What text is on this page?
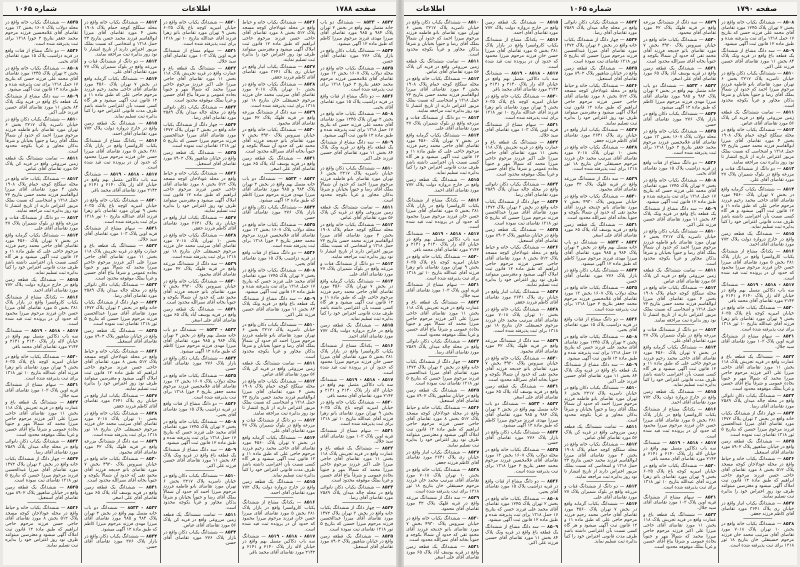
شماره ۱۰۶۵	اطلاعات	صفحه ۱۷۸۸

۸۵۳۲ - ۸۵۳۳ — ششدانگ دو باب خانه متصل بهم واقع در بخش ۲ تهران پلاک ۹۸۴ و ۹۸۵ مورد تقاضای آقای میرزا مهدی فرزند مرحوم میرزا کاظم که طبق ماده ۱۲ آگهی میشود.

۸۵۳۴ — ششدانگ یکباب دکان واقع در بازار پلاک ۲۷۶ مورد تقاضای آقای حسن.

۸۵۳۵ — ششدانگ یکباب خانه واقع در محله دولاب پلاک ۱۶۰۷ بخش ۱۳ مورد تقاضای آقای غلامحسین فرزند مرحوم محمد جعفر بتاریخ ۲ جوزا ۱۳۱۸ برای ثبت پذیرفته شده است.

۸۵۳۶ — دو دانگ مشاع از قنات واقع در قریه دزاشیب پلاک ۱۵ مورد تقاضای آقای یحیی.

۸۵۰۸ — ششدانگ یکباب خانه واقع در بخش ۲ تهران پلاک ۱۲۴۵ مورد تقاضای آقای محمد علی فرزند حسن که بتاریخ ۱۷ حمل ۱۳۱۸ برای ثبت پذیرفته شده و طبق ماده ۱۲ قانون ثبت آگهی میشود.

۸۵۰۹ — سه دانگ مشاع از ششدانگ یک قطعه باغ واقع در قریه ونک پلاک ۸۴ بخش ۱۱ مورد تقاضای آقای حسین فرزند علی اکبر.

۸۵۱۰ — ششدانگ یکباب دکان واقع در خیابان ناصریه پلاک ۳۲۱۷ بخش ۶ تهران مورد تقاضای بانو فاطمه فرزند مرحوم میرزا احمد که حدود آن شمالاً بملک آقای رضا و جنوباً بخیابان و شرقاً بدکان مجاور و غرباً بکوچه محدود است.

۸۵۱۱ — تمامت ششدانگ یک قطعه زمین مزروعی واقع در قریه کن پلاک ۵۶ مورد تقاضای آقای عباس.

۸۵۱۲ — ششدانگ یکباب خانه واقع در محله سنگلج کوچه حمام پلاک ۱۹۰۸ بخش ۴ مورد تقاضای آقای میرزا ابوالقاسم فرزند محمد حسن بتاریخ ۲۲ حمل ۱۳۱۸ و اشخاصی که نسبت بملک مزبور اعتراض دارند از تاریخ انتشار تا نود روز بدایره ثبت مراجعه نمایند.

۸۵۱۳ — دو دانگ از ششدانگ قنات و مزرعه واقع در بلوک شمیران پلاک ۲۷ مورد تقاضای آقای علی.

۸۵۱۴ — ششدانگ یکباب گرمابه واقع در بخش ۷ تهران پلاک ۴۵۶۰ مورد تقاضای آقای حاجی محمد رحیم فرزند مرحوم حاجی علی که طبق ماده ۱۱ و ۱۲ قانون ثبت آگهی میشود و هر گاه کسی نسبت بآن اعتراضی داشته باشد ظرف مدت قانونی اعتراض خود را کتباً بدایره ثبت تسلیم نماید.

۸۵۱۵ — ششدانگ یک قطعه زمین واقع در خارج دروازه دولت پلاک ۷۷۲ مورد تقاضای آقای احمد.

۸۵۱۶ — یکدانگ مشاع از ششدانگ یکباب کاروانسرا واقع در بازار پلاک ۳۸۱ بخش ۵ مورد تقاضای آقای میرزا حسن خان فرزند مرحوم میرزا محمود که حدود آن در پرونده ثبت قید شده است.

۸۵۱۷ - ۸۵۱۸ - ۸۵۱۹ — ششدانگ سه باب دکاکین متصل بهم واقع در خیابان لاله زار پلاک ۲۱۴۰ و ۲۱۴۱ و ۲۱۴۲ مورد تقاضای آقای محمد باقر.

۸۵۲۰ — ششدانگ یکباب خانه واقع در خیابان امیریه کوچه باغ پلاک ۶۰۳۵ بخش ۹ تهران مورد تقاضای بانو زهرا فرزند آقای عبدالله بتاریخ ۱۰ ثور ۱۳۱۸ برای ثبت پذیرفته شده است.

۸۵۲۱ — سهام مشاع از ششدانگ قریه اوین پلاک ۱۰۳ مورد تقاضای آقای سید جلال.

۸۵۲۲ — ششدانگ یک قطعه باغ و عمارت واقع در قریه تجریش پلاک ۱۱۸ بخش ۱۱ مورد تقاضای آقای حاجی میرزا علی اکبر فرزند مرحوم حاجی میرزا محمد که شمالاً بنهر و جنوباً بجاده عمومی و شرقاً بباغ آقای حسین و غرباً بملک موقوفه محدود است.

۸۵۲۳ — ششدانگ یکباب دکان نانوائی واقع در محله چاله میدان پلاک ۲۵۸۹ مورد تقاضای آقای رضا.

۸۵۲۴ — چهار دانگ از ششدانگ یکباب خانه واقع در بخش ۳ تهران پلاک ۱۴۷۲ مورد تقاضای آقای میرزا عبدالحسین فرزند مرحوم میرزا حسین که بتاریخ ۵ ثور ۱۳۱۸ تقاضای ثبت نموده است.

۸۵۲۵ — ششدانگ یک قطعه زمین واقع در خیابان شاهپور پلاک ۸۹۰۲ مورد تقاضای آقای اسمعیل.

۸۵۲۶ — ششدانگ یکباب خانه و حیاط واقع در محله عودلاجان کوچه مسجد پلاک ۵۱۲ بخش ۸ مورد تقاضای آقای حاجی حسن فرزند مرحوم حاجی ابراهیم که طبق ماده ۱۲ قانون ثبت املاک آگهی میشود و معترضین میتوانند ظرف نود روز اعتراض خود را بدایره ثبت تسلیم نمایند.

۸۵۲۷ — ششدانگ یکباب انبار واقع در خیابان ری پلاک ۳۶۴۱ مورد تقاضای آقای کاظم فرزند جعفر.

۸۵۲۸ — ششدانگ یکباب خانه واقع در بخش ۱۰ تهران پلاک ۷۰۱۸ مورد تقاضای آقای سرتیپ محمد خان فرزند مرحوم حسینقلی خان بتاریخ ۱۸ ثور ۱۳۱۸ برای ثبت پذیرفته شده است.

۸۵۲۹ — سه دانگ از ششدانگ مزرعه واقع در قریه قلهک پلاک ۴۲ مورد تقاضای آقای محمود.

۸۵۳۰ — ششدانگ یکباب خانه واقع در خیابان سیروس پلاک ۴۹۳۰ بخش ۷ مورد تقاضای بانو خدیجه فرزند آقای محمد تقی که حدود آن شمالاً بکوچه و جنوباً بخانه آقای نصرالله محدود است.

۸۵۳۱ — ششدانگ یک قطعه زمین واقع در قریه یوسف آباد پلاک ۶۵ مورد تقاضای آقای علی اصغر.

۸۵۳۲ - ۸۵۳۳ — ششدانگ دو باب خانه متصل بهم واقع در بخش ۲ تهران پلاک ۹۸۴ و ۹۸۵ مورد تقاضای آقای میرزا مهدی فرزند مرحوم میرزا کاظم که طبق ماده ۱۲ آگهی میشود.

۸۵۳۴ — ششدانگ یکباب دکان واقع در بازار پلاک ۲۷۶ مورد تقاضای آقای حسن.

۸۵۳۵ — ششدانگ یکباب خانه واقع در محله دولاب پلاک ۱۶۰۷ بخش ۱۳ مورد تقاضای آقای غلامحسین فرزند مرحوم محمد جعفر بتاریخ ۲ جوزا ۱۳۱۸ برای ثبت پذیرفته شده است.

۸۵۳۶ — دو دانگ مشاع از قنات واقع در قریه دزاشیب پلاک ۱۵ مورد تقاضای آقای یحیی.

۸۵۰۸ — ششدانگ یکباب خانه واقع در بخش ۲ تهران پلاک ۱۲۴۵ مورد تقاضای آقای محمد علی فرزند حسن که بتاریخ ۱۷ حمل ۱۳۱۸ برای ثبت پذیرفته شده و طبق ماده ۱۲ قانون ثبت آگهی میشود.

۸۵۰۹ — سه دانگ مشاع از ششدانگ یک قطعه باغ واقع در قریه ونک پلاک ۸۴ بخش ۱۱ مورد تقاضای آقای حسین فرزند علی اکبر.

۸۵۱۰ — ششدانگ یکباب دکان واقع در خیابان ناصریه پلاک ۳۲۱۷ بخش ۶ تهران مورد تقاضای بانو فاطمه فرزند مرحوم میرزا احمد که حدود آن شمالاً بملک آقای رضا و جنوباً بخیابان و شرقاً بدکان مجاور و غرباً بکوچه محدود است.

۸۵۱۱ — تمامت ششدانگ یک قطعه زمین مزروعی واقع در قریه کن پلاک ۵۶ مورد تقاضای آقای عباس.

۸۵۱۲ — ششدانگ یکباب خانه واقع در محله سنگلج کوچه حمام پلاک ۱۹۰۸ بخش ۴ مورد تقاضای آقای میرزا ابوالقاسم فرزند محمد حسن بتاریخ ۲۲ حمل ۱۳۱۸ و اشخاصی که نسبت بملک مزبور اعتراض دارند از تاریخ انتشار تا نود روز بدایره ثبت مراجعه نمایند.

۸۵۱۳ — دو دانگ از ششدانگ قنات و مزرعه واقع در بلوک شمیران پلاک ۲۷ مورد تقاضای آقای علی.

۸۵۱۴ — ششدانگ یکباب گرمابه واقع در بخش ۷ تهران پلاک ۴۵۶۰ مورد تقاضای آقای حاجی محمد رحیم فرزند مرحوم حاجی علی که طبق ماده ۱۱ و ۱۲ قانون ثبت آگهی میشود و هر گاه کسی نسبت بآن اعتراضی داشته باشد ظرف مدت قانونی اعتراض خود را کتباً بدایره ثبت تسلیم نماید.

۸۵۱۵ — ششدانگ یک قطعه زمین واقع در خارج دروازه دولت پلاک ۷۷۲ مورد تقاضای آقای احمد.

۸۵۱۶ — یکدانگ مشاع از ششدانگ یکباب کاروانسرا واقع در بازار پلاک ۳۸۱ بخش ۵ مورد تقاضای آقای میرزا حسن خان فرزند مرحوم میرزا محمود که حدود آن در پرونده ثبت قید شده است.

۸۵۱۷ - ۸۵۱۸ - ۸۵۱۹ — ششدانگ سه باب دکاکین متصل بهم واقع در خیابان لاله زار پلاک ۲۱۴۰ و ۲۱۴۱ و ۲۱۴۲ مورد تقاضای آقای محمد باقر.

۸۵۲۰ — ششدانگ یکباب خانه واقع در خیابان امیریه کوچه باغ پلاک ۶۰۳۵ بخش ۹ تهران مورد تقاضای بانو زهرا فرزند آقای عبدالله بتاریخ ۱۰ ثور ۱۳۱۸ برای ثبت پذیرفته شده است.

۸۵۲۱ — سهام مشاع از ششدانگ قریه اوین پلاک ۱۰۳ مورد تقاضای آقای سید جلال.

۸۵۲۲ — ششدانگ یک قطعه باغ و عمارت واقع در قریه تجریش پلاک ۱۱۸ بخش ۱۱ مورد تقاضای آقای حاجی میرزا علی اکبر فرزند مرحوم حاجی میرزا محمد که شمالاً بنهر و جنوباً بجاده عمومی و شرقاً بباغ آقای حسین و غرباً بملک موقوفه محدود است.

۸۵۲۳ — ششدانگ یکباب دکان نانوائی واقع در محله چاله میدان پلاک ۲۵۸۹ مورد تقاضای آقای رضا.

۸۵۲۴ — چهار دانگ از ششدانگ یکباب خانه واقع در بخش ۳ تهران پلاک ۱۴۷۲ مورد تقاضای آقای میرزا عبدالحسین فرزند مرحوم میرزا حسین که بتاریخ ۵ ثور ۱۳۱۸ تقاضای ثبت نموده است.

۸۵۲۵ — ششدانگ یک قطعه زمین واقع در خیابان شاهپور پلاک ۸۹۰۲ مورد تقاضای آقای اسمعیل.

۸۵۲۶ — ششدانگ یکباب خانه و حیاط واقع در محله عودلاجان کوچه مسجد پلاک ۵۱۲ بخش ۸ مورد تقاضای آقای حاجی حسن فرزند مرحوم حاجی ابراهیم که طبق ماده ۱۲ قانون ثبت املاک آگهی میشود و معترضین میتوانند ظرف نود روز اعتراض خود را بدایره ثبت تسلیم نمایند.

۸۵۲۷ — ششدانگ یکباب انبار واقع در خیابان ری پلاک ۳۶۴۱ مورد تقاضای آقای کاظم فرزند جعفر.

۸۵۲۸ — ششدانگ یکباب خانه واقع در بخش ۱۰ تهران پلاک ۷۰۱۸ مورد تقاضای آقای سرتیپ محمد خان فرزند مرحوم حسینقلی خان بتاریخ ۱۸ ثور ۱۳۱۸ برای ثبت پذیرفته شده است.

۸۵۲۹ — سه دانگ از ششدانگ مزرعه واقع در قریه قلهک پلاک ۴۲ مورد تقاضای آقای محمود.

۸۵۳۰ — ششدانگ یکباب خانه واقع در خیابان سیروس پلاک ۴۹۳۰ بخش ۷ مورد تقاضای بانو خدیجه فرزند آقای محمد تقی که حدود آن شمالاً بکوچه و جنوباً بخانه آقای نصرالله محدود است.

۸۵۳۱ — ششدانگ یک قطعه زمین واقع در قریه یوسف آباد پلاک ۶۵ مورد تقاضای آقای علی اصغر.

۸۵۳۲ - ۸۵۳۳ — ششدانگ دو باب خانه متصل بهم واقع در بخش ۲ تهران پلاک ۹۸۴ و ۹۸۵ مورد تقاضای آقای میرزا مهدی فرزند مرحوم میرزا کاظم که طبق ماده ۱۲ آگهی میشود.

۸۵۳۴ — ششدانگ یکباب دکان واقع در بازار پلاک ۲۷۶ مورد تقاضای آقای حسن.

۸۵۳۵ — ششدانگ یکباب خانه واقع در محله دولاب پلاک ۱۶۰۷ بخش ۱۳ مورد تقاضای آقای غلامحسین فرزند مرحوم محمد جعفر بتاریخ ۲ جوزا ۱۳۱۸ برای ثبت پذیرفته شده است.

۸۵۳۶ — دو دانگ مشاع از قنات واقع در قریه دزاشیب پلاک ۱۵ مورد تقاضای آقای یحیی.

۸۵۰۸ — ششدانگ یکباب خانه واقع در بخش ۲ تهران پلاک ۱۲۴۵ مورد تقاضای آقای محمد علی فرزند حسن که بتاریخ ۱۷ حمل ۱۳۱۸ برای ثبت پذیرفته شده و طبق ماده ۱۲ قانون ثبت آگهی میشود.

۸۵۰۹ — سه دانگ مشاع از ششدانگ یک قطعه باغ واقع در قریه ونک پلاک ۸۴ بخش ۱۱ مورد تقاضای آقای حسین فرزند علی اکبر.

۸۵۱۰ — ششدانگ یکباب دکان واقع در خیابان ناصریه پلاک ۳۲۱۷ بخش ۶ تهران مورد تقاضای بانو فاطمه فرزند مرحوم میرزا احمد که حدود آن شمالاً بملک آقای رضا و جنوباً بخیابان و شرقاً بدکان مجاور و غرباً بکوچه محدود است.

۸۵۱۱ — تمامت ششدانگ یک قطعه زمین مزروعی واقع در قریه کن پلاک ۵۶ مورد تقاضای آقای عباس.

۸۵۳۴ — ششدانگ یکباب دکان واقع در بازار پلاک ۲۷۶ مورد تقاضای آقای حسن.

۸۵۱۲ — ششدانگ یکباب خانه واقع در محله سنگلج کوچه حمام پلاک ۱۹۰۸ بخش ۴ مورد تقاضای آقای میرزا ابوالقاسم فرزند محمد حسن بتاریخ ۲۲ حمل ۱۳۱۸ و اشخاصی که نسبت بملک مزبور اعتراض دارند از تاریخ انتشار تا نود روز بدایره ثبت مراجعه نمایند.

۸۵۱۳ — دو دانگ از ششدانگ قنات و مزرعه واقع در بلوک شمیران پلاک ۲۷ مورد تقاضای آقای علی.

۸۵۱۴ — ششدانگ یکباب گرمابه واقع در بخش ۷ تهران پلاک ۴۵۶۰ مورد تقاضای آقای حاجی محمد رحیم فرزند مرحوم حاجی علی که طبق ماده ۱۱ و ۱۲ قانون ثبت آگهی میشود و هر گاه کسی نسبت بآن اعتراضی داشته باشد ظرف مدت قانونی اعتراض خود را کتباً بدایره ثبت تسلیم نماید.

۸۵۱۵ — ششدانگ یک قطعه زمین واقع در خارج دروازه دولت پلاک ۷۷۲ مورد تقاضای آقای احمد.

۸۵۱۶ — یکدانگ مشاع از ششدانگ یکباب کاروانسرا واقع در بازار پلاک ۳۸۱ بخش ۵ مورد تقاضای آقای میرزا حسن خان فرزند مرحوم میرزا محمود که حدود آن در پرونده ثبت قید شده است.

۸۵۱۷ - ۸۵۱۸ - ۸۵۱۹ — ششدانگ سه باب دکاکین متصل بهم واقع در خیابان لاله زار پلاک ۲۱۴۰ و ۲۱۴۱ و ۲۱۴۲ مورد تقاضای آقای محمد باقر.

۸۵۲۰ — ششدانگ یکباب خانه واقع در خیابان امیریه کوچه باغ پلاک ۶۰۳۵ بخش ۹ تهران مورد تقاضای بانو زهرا فرزند آقای عبدالله بتاریخ ۱۰ ثور ۱۳۱۸ برای ثبت پذیرفته شده است.

۸۵۲۱ — سهام مشاع از ششدانگ قریه اوین پلاک ۱۰۳ مورد تقاضای آقای سید جلال.

۸۵۲۲ — ششدانگ یک قطعه باغ و عمارت واقع در قریه تجریش پلاک ۱۱۸ بخش ۱۱ مورد تقاضای آقای حاجی میرزا علی اکبر فرزند مرحوم حاجی میرزا محمد که شمالاً بنهر و جنوباً بجاده عمومی و شرقاً بباغ آقای حسین و غرباً بملک موقوفه محدود است.

۸۵۲۳ — ششدانگ یکباب دکان نانوائی واقع در محله چاله میدان پلاک ۲۵۸۹ مورد تقاضای آقای رضا.

۸۵۲۴ — چهار دانگ از ششدانگ یکباب خانه واقع در بخش ۳ تهران پلاک ۱۴۷۲ مورد تقاضای آقای میرزا عبدالحسین فرزند مرحوم میرزا حسین که بتاریخ ۵ ثور ۱۳۱۸ تقاضای ثبت نموده است.

۸۵۲۵ — ششدانگ یک قطعه زمین واقع در خیابان شاهپور پلاک ۸۹۰۲ مورد تقاضای آقای اسمعیل.

۸۵۲۶ — ششدانگ یکباب خانه و حیاط واقع در محله عودلاجان کوچه مسجد پلاک ۵۱۲ بخش ۸ مورد تقاضای آقای حاجی حسن فرزند مرحوم حاجی ابراهیم که طبق ماده ۱۲ قانون ثبت املاک آگهی میشود و معترضین میتوانند ظرف نود روز اعتراض خود را بدایره ثبت تسلیم نمایند.

۸۵۲۷ — ششدانگ یکباب انبار واقع در خیابان ری پلاک ۳۶۴۱ مورد تقاضای آقای کاظم فرزند جعفر.

۸۵۲۸ — ششدانگ یکباب خانه واقع در بخش ۱۰ تهران پلاک ۷۰۱۸ مورد تقاضای آقای سرتیپ محمد خان فرزند مرحوم حسینقلی خان بتاریخ ۱۸ ثور ۱۳۱۸ برای ثبت پذیرفته شده است.

۸۵۲۹ — سه دانگ از ششدانگ مزرعه واقع در قریه قلهک پلاک ۴۲ مورد تقاضای آقای محمود.

۸۵۳۰ — ششدانگ یکباب خانه واقع در خیابان سیروس پلاک ۴۹۳۰ بخش ۷ مورد تقاضای بانو خدیجه فرزند آقای محمد تقی که حدود آن شمالاً بکوچه و جنوباً بخانه آقای نصرالله محدود است.

۸۵۳۱ — ششدانگ یک قطعه زمین واقع در قریه یوسف آباد پلاک ۶۵ مورد تقاضای آقای علی اصغر.

۸۵۳۲ - ۸۵۳۳ — ششدانگ دو باب خانه متصل بهم واقع در بخش ۲ تهران پلاک ۹۸۴ و ۹۸۵ مورد تقاضای آقای میرزا مهدی فرزند مرحوم میرزا کاظم که طبق ماده ۱۲ آگهی میشود.

۸۵۳۴ — ششدانگ یکباب دکان واقع در بازار پلاک ۲۷۶ مورد تقاضای آقای حسن.

۸۵۳۵ — ششدانگ یکباب خانه واقع در محله دولاب پلاک ۱۶۰۷ بخش ۱۳ مورد تقاضای آقای غلامحسین فرزند مرحوم محمد جعفر بتاریخ ۲ جوزا ۱۳۱۸ برای ثبت پذیرفته شده است.

۸۵۳۶ — دو دانگ مشاع از قنات واقع در قریه دزاشیب پلاک ۱۵ مورد تقاضای آقای یحیی.

۸۵۰۸ — ششدانگ یکباب خانه واقع در بخش ۲ تهران پلاک ۱۲۴۵ مورد تقاضای آقای محمد علی فرزند حسن که بتاریخ ۱۷ حمل ۱۳۱۸ برای ثبت پذیرفته شده و طبق ماده ۱۲ قانون ثبت آگهی میشود.

۸۵۰۹ — سه دانگ مشاع از ششدانگ یک قطعه باغ واقع در قریه ونک پلاک ۸۴ بخش ۱۱ مورد تقاضای آقای حسین فرزند علی اکبر.

۸۵۱۰ — ششدانگ یکباب دکان واقع در خیابان ناصریه پلاک ۳۲۱۷ بخش ۶ تهران مورد تقاضای بانو فاطمه فرزند مرحوم میرزا احمد که حدود آن شمالاً بملک آقای رضا و جنوباً بخیابان و شرقاً بدکان مجاور و غرباً بکوچه محدود است.

۸۵۱۱ — تمامت ششدانگ یک قطعه زمین مزروعی واقع در قریه کن پلاک ۵۶ مورد تقاضای آقای عباس.

۸۵۱۲ — ششدانگ یکباب خانه واقع در محله سنگلج کوچه حمام پلاک ۱۹۰۸ بخش ۴ مورد تقاضای آقای میرزا ابوالقاسم فرزند محمد حسن بتاریخ ۲۲ حمل ۱۳۱۸ و اشخاصی که نسبت بملک مزبور اعتراض دارند از تاریخ انتشار تا نود روز بدایره ثبت مراجعه نمایند.

۸۵۱۳ — دو دانگ از ششدانگ قنات و مزرعه واقع در بلوک شمیران پلاک ۲۷ مورد تقاضای آقای علی.

۸۵۱۴ — ششدانگ یکباب گرمابه واقع در بخش ۷ تهران پلاک ۴۵۶۰ مورد تقاضای آقای حاجی محمد رحیم فرزند مرحوم حاجی علی که طبق ماده ۱۱ و ۱۲ قانون ثبت آگهی میشود و هر گاه کسی نسبت بآن اعتراضی داشته باشد ظرف مدت قانونی اعتراض خود را کتباً بدایره ثبت تسلیم نماید.

۸۵۱۵ — ششدانگ یک قطعه زمین واقع در خارج دروازه دولت پلاک ۷۷۲ مورد تقاضای آقای احمد.

۸۵۱۶ — یکدانگ مشاع از ششدانگ یکباب کاروانسرا واقع در بازار پلاک ۳۸۱ بخش ۵ مورد تقاضای آقای میرزا حسن خان فرزند مرحوم میرزا محمود که حدود آن در پرونده ثبت قید شده است.

۸۵۱۷ - ۸۵۱۸ - ۸۵۱۹ — ششدانگ سه باب دکاکین متصل بهم واقع در خیابان لاله زار پلاک ۲۱۴۰ و ۲۱۴۱ و ۲۱۴۲ مورد تقاضای آقای محمد باقر.

۸۵۲۰ — ششدانگ یکباب خانه واقع در خیابان امیریه کوچه باغ پلاک ۶۰۳۵ بخش ۹ تهران مورد تقاضای بانو زهرا فرزند آقای عبدالله بتاریخ ۱۰ ثور ۱۳۱۸ برای ثبت پذیرفته شده است.

۸۵۲۱ — سهام مشاع از ششدانگ قریه اوین پلاک ۱۰۳ مورد تقاضای آقای سید جلال.

۸۵۲۲ — ششدانگ یک قطعه باغ و عمارت واقع در قریه تجریش پلاک ۱۱۸ بخش ۱۱ مورد تقاضای آقای حاجی میرزا علی اکبر فرزند مرحوم حاجی میرزا محمد که شمالاً بنهر و جنوباً بجاده عمومی و شرقاً بباغ آقای حسین و غرباً بملک موقوفه محدود است.

۸۵۲۳ — ششدانگ یکباب دکان نانوائی واقع در محله چاله میدان پلاک ۲۵۸۹ مورد تقاضای آقای رضا.

۸۵۲۴ — چهار دانگ از ششدانگ یکباب خانه واقع در بخش ۳ تهران پلاک ۱۴۷۲ مورد تقاضای آقای میرزا عبدالحسین فرزند مرحوم میرزا حسین که بتاریخ ۵ ثور ۱۳۱۸ تقاضای ثبت نموده است.

۸۵۲۵ — ششدانگ یک قطعه زمین واقع در خیابان شاهپور پلاک ۸۹۰۲ مورد تقاضای آقای اسمعیل.

۸۵۲۶ — ششدانگ یکباب خانه و حیاط واقع در محله عودلاجان کوچه مسجد پلاک ۵۱۲ بخش ۸ مورد تقاضای آقای حاجی حسن فرزند مرحوم حاجی ابراهیم که طبق ماده ۱۲ قانون ثبت املاک آگهی میشود و معترضین میتوانند ظرف نود روز اعتراض خود را بدایره ثبت تسلیم نمایند.

اطلاعات	شماره ۱۰۶۵	صفحه ۱۷۹۰

۸۵۰۸ — ششدانگ یکباب خانه واقع در بخش ۲ تهران پلاک ۱۲۴۵ مورد تقاضای آقای محمد علی فرزند حسن که بتاریخ ۱۷ حمل ۱۳۱۸ برای ثبت پذیرفته شده و طبق ماده ۱۲ قانون ثبت آگهی میشود.

۸۵۰۹ — سه دانگ مشاع از ششدانگ یک قطعه باغ واقع در قریه ونک پلاک ۸۴ بخش ۱۱ مورد تقاضای آقای حسین فرزند علی اکبر.

۸۵۱۰ — ششدانگ یکباب دکان واقع در خیابان ناصریه پلاک ۳۲۱۷ بخش ۶ تهران مورد تقاضای بانو فاطمه فرزند مرحوم میرزا احمد که حدود آن شمالاً بملک آقای رضا و جنوباً بخیابان و شرقاً بدکان مجاور و غرباً بکوچه محدود است.

۸۵۱۱ — تمامت ششدانگ یک قطعه زمین مزروعی واقع در قریه کن پلاک ۵۶ مورد تقاضای آقای عباس.

۸۵۱۲ — ششدانگ یکباب خانه واقع در محله سنگلج کوچه حمام پلاک ۱۹۰۸ بخش ۴ مورد تقاضای آقای میرزا ابوالقاسم فرزند محمد حسن بتاریخ ۲۲ حمل ۱۳۱۸ و اشخاصی که نسبت بملک مزبور اعتراض دارند از تاریخ انتشار تا نود روز بدایره ثبت مراجعه نمایند.

۸۵۱۳ — دو دانگ از ششدانگ قنات و مزرعه واقع در بلوک شمیران پلاک ۲۷ مورد تقاضای آقای علی.

۸۵۱۴ — ششدانگ یکباب گرمابه واقع در بخش ۷ تهران پلاک ۴۵۶۰ مورد تقاضای آقای حاجی محمد رحیم فرزند مرحوم حاجی علی که طبق ماده ۱۱ و ۱۲ قانون ثبت آگهی میشود و هر گاه کسی نسبت بآن اعتراضی داشته باشد ظرف مدت قانونی اعتراض خود را کتباً بدایره ثبت تسلیم نماید.

۸۵۱۵ — ششدانگ یک قطعه زمین واقع در خارج دروازه دولت پلاک ۷۷۲ مورد تقاضای آقای احمد.

۸۵۱۶ — یکدانگ مشاع از ششدانگ یکباب کاروانسرا واقع در بازار پلاک ۳۸۱ بخش ۵ مورد تقاضای آقای میرزا حسن خان فرزند مرحوم میرزا محمود که حدود آن در پرونده ثبت قید شده است.

۸۵۱۷ - ۸۵۱۸ - ۸۵۱۹ — ششدانگ سه باب دکاکین متصل بهم واقع در خیابان لاله زار پلاک ۲۱۴۰ و ۲۱۴۱ و ۲۱۴۲ مورد تقاضای آقای محمد باقر.

۸۵۲۰ — ششدانگ یکباب خانه واقع در خیابان امیریه کوچه باغ پلاک ۶۰۳۵ بخش ۹ تهران مورد تقاضای بانو زهرا فرزند آقای عبدالله بتاریخ ۱۰ ثور ۱۳۱۸ برای ثبت پذیرفته شده است.

۸۵۲۱ — سهام مشاع از ششدانگ قریه اوین پلاک ۱۰۳ مورد تقاضای آقای سید جلال.

۸۵۲۲ — ششدانگ یک قطعه باغ و عمارت واقع در قریه تجریش پلاک ۱۱۸ بخش ۱۱ مورد تقاضای آقای حاجی میرزا علی اکبر فرزند مرحوم حاجی میرزا محمد که شمالاً بنهر و جنوباً بجاده عمومی و شرقاً بباغ آقای حسین و غرباً بملک موقوفه محدود است.

۸۵۲۳ — ششدانگ یکباب دکان نانوائی واقع در محله چاله میدان پلاک ۲۵۸۹ مورد تقاضای آقای رضا.

۸۵۲۴ — چهار دانگ از ششدانگ یکباب خانه واقع در بخش ۳ تهران پلاک ۱۴۷۲ مورد تقاضای آقای میرزا عبدالحسین فرزند مرحوم میرزا حسین که بتاریخ ۵ ثور ۱۳۱۸ تقاضای ثبت نموده است.

۸۵۲۵ — ششدانگ یک قطعه زمین واقع در خیابان شاهپور پلاک ۸۹۰۲ مورد تقاضای آقای اسمعیل.

۸۵۲۶ — ششدانگ یکباب خانه و حیاط واقع در محله عودلاجان کوچه مسجد پلاک ۵۱۲ بخش ۸ مورد تقاضای آقای حاجی حسن فرزند مرحوم حاجی ابراهیم که طبق ماده ۱۲ قانون ثبت املاک آگهی میشود و معترضین میتوانند ظرف نود روز اعتراض خود را بدایره ثبت تسلیم نمایند.

۸۵۲۷ — ششدانگ یکباب انبار واقع در خیابان ری پلاک ۳۶۴۱ مورد تقاضای آقای کاظم فرزند جعفر.

۸۵۲۸ — ششدانگ یکباب خانه واقع در بخش ۱۰ تهران پلاک ۷۰۱۸ مورد تقاضای آقای سرتیپ محمد خان فرزند مرحوم حسینقلی خان بتاریخ ۱۸ ثور ۱۳۱۸ برای ثبت پذیرفته شده است.

۸۵۲۹ — سه دانگ از ششدانگ مزرعه واقع در قریه قلهک پلاک ۴۲ مورد تقاضای آقای محمود.

۸۵۳۰ — ششدانگ یکباب خانه واقع در خیابان سیروس پلاک ۴۹۳۰ بخش ۷ مورد تقاضای بانو خدیجه فرزند آقای محمد تقی که حدود آن شمالاً بکوچه و جنوباً بخانه آقای نصرالله محدود است.

۸۵۳۱ — ششدانگ یک قطعه زمین واقع در قریه یوسف آباد پلاک ۶۵ مورد تقاضای آقای علی اصغر.

۸۵۳۲ - ۸۵۳۳ — ششدانگ دو باب خانه متصل بهم واقع در بخش ۲ تهران پلاک ۹۸۴ و ۹۸۵ مورد تقاضای آقای میرزا مهدی فرزند مرحوم میرزا کاظم که طبق ماده ۱۲ آگهی میشود.

۸۵۳۴ — ششدانگ یکباب دکان واقع در بازار پلاک ۲۷۶ مورد تقاضای آقای حسن.

۸۵۳۵ — ششدانگ یکباب خانه واقع در محله دولاب پلاک ۱۶۰۷ بخش ۱۳ مورد تقاضای آقای غلامحسین فرزند مرحوم محمد جعفر بتاریخ ۲ جوزا ۱۳۱۸ برای ثبت پذیرفته شده است.

۸۵۳۶ — دو دانگ مشاع از قنات واقع در قریه دزاشیب پلاک ۱۵ مورد تقاضای آقای یحیی.

۸۵۰۸ — ششدانگ یکباب خانه واقع در بخش ۲ تهران پلاک ۱۲۴۵ مورد تقاضای آقای محمد علی فرزند حسن که بتاریخ ۱۷ حمل ۱۳۱۸ برای ثبت پذیرفته شده و طبق ماده ۱۲ قانون ثبت آگهی میشود.

۸۵۰۹ — سه دانگ مشاع از ششدانگ یک قطعه باغ واقع در قریه ونک پلاک ۸۴ بخش ۱۱ مورد تقاضای آقای حسین فرزند علی اکبر.

۸۵۱۰ — ششدانگ یکباب دکان واقع در خیابان ناصریه پلاک ۳۲۱۷ بخش ۶ تهران مورد تقاضای بانو فاطمه فرزند مرحوم میرزا احمد که حدود آن شمالاً بملک آقای رضا و جنوباً بخیابان و شرقاً بدکان مجاور و غرباً بکوچه محدود است.

۸۵۱۱ — تمامت ششدانگ یک قطعه زمین مزروعی واقع در قریه کن پلاک ۵۶ مورد تقاضای آقای عباس.

۸۵۱۲ — ششدانگ یکباب خانه واقع در محله سنگلج کوچه حمام پلاک ۱۹۰۸ بخش ۴ مورد تقاضای آقای میرزا ابوالقاسم فرزند محمد حسن بتاریخ ۲۲ حمل ۱۳۱۸ و اشخاصی که نسبت بملک مزبور اعتراض دارند از تاریخ انتشار تا نود روز بدایره ثبت مراجعه نمایند.

۸۵۱۳ — دو دانگ از ششدانگ قنات و مزرعه واقع در بلوک شمیران پلاک ۲۷ مورد تقاضای آقای علی.

۸۵۱۴ — ششدانگ یکباب گرمابه واقع در بخش ۷ تهران پلاک ۴۵۶۰ مورد تقاضای آقای حاجی محمد رحیم فرزند مرحوم حاجی علی که طبق ماده ۱۱ و ۱۲ قانون ثبت آگهی میشود و هر گاه کسی نسبت بآن اعتراضی داشته باشد ظرف مدت قانونی اعتراض خود را کتباً بدایره ثبت تسلیم نماید.

۸۵۱۵ — ششدانگ یک قطعه زمین واقع در خارج دروازه دولت پلاک ۷۷۲ مورد تقاضای آقای احمد.

۸۵۱۶ — یکدانگ مشاع از ششدانگ یکباب کاروانسرا واقع در بازار پلاک ۳۸۱ بخش ۵ مورد تقاضای آقای میرزا حسن خان فرزند مرحوم میرزا محمود که حدود آن در پرونده ثبت قید شده است.

۸۵۱۷ - ۸۵۱۸ - ۸۵۱۹ — ششدانگ سه باب دکاکین متصل بهم واقع در خیابان لاله زار پلاک ۲۱۴۰ و ۲۱۴۱ و ۲۱۴۲ مورد تقاضای آقای محمد باقر.

۸۵۲۰ — ششدانگ یکباب خانه واقع در خیابان امیریه کوچه باغ پلاک ۶۰۳۵ بخش ۹ تهران مورد تقاضای بانو زهرا فرزند آقای عبدالله بتاریخ ۱۰ ثور ۱۳۱۸ برای ثبت پذیرفته شده است.

۸۵۲۱ — سهام مشاع از ششدانگ قریه اوین پلاک ۱۰۳ مورد تقاضای آقای سید جلال.

۸۵۲۲ — ششدانگ یک قطعه باغ و عمارت واقع در قریه تجریش پلاک ۱۱۸ بخش ۱۱ مورد تقاضای آقای حاجی میرزا علی اکبر فرزند مرحوم حاجی میرزا محمد که شمالاً بنهر و جنوباً بجاده عمومی و شرقاً بباغ آقای حسین و غرباً بملک موقوفه محدود است.

۸۵۲۳ — ششدانگ یکباب دکان نانوائی واقع در محله چاله میدان پلاک ۲۵۸۹ مورد تقاضای آقای رضا.

۸۵۲۴ — چهار دانگ از ششدانگ یکباب خانه واقع در بخش ۳ تهران پلاک ۱۴۷۲ مورد تقاضای آقای میرزا عبدالحسین فرزند مرحوم میرزا حسین که بتاریخ ۵ ثور ۱۳۱۸ تقاضای ثبت نموده است.

۸۵۲۵ — ششدانگ یک قطعه زمین واقع در خیابان شاهپور پلاک ۸۹۰۲ مورد تقاضای آقای اسمعیل.

۸۵۲۶ — ششدانگ یکباب خانه و حیاط واقع در محله عودلاجان کوچه مسجد پلاک ۵۱۲ بخش ۸ مورد تقاضای آقای حاجی حسن فرزند مرحوم حاجی ابراهیم که طبق ماده ۱۲ قانون ثبت املاک آگهی میشود و معترضین میتوانند ظرف نود روز اعتراض خود را بدایره ثبت تسلیم نمایند.

۸۵۲۷ — ششدانگ یکباب انبار واقع در خیابان ری پلاک ۳۶۴۱ مورد تقاضای آقای کاظم فرزند جعفر.

۸۵۲۸ — ششدانگ یکباب خانه واقع در بخش ۱۰ تهران پلاک ۷۰۱۸ مورد تقاضای آقای سرتیپ محمد خان فرزند مرحوم حسینقلی خان بتاریخ ۱۸ ثور ۱۳۱۸ برای ثبت پذیرفته شده است.

۸۵۲۹ — سه دانگ از ششدانگ مزرعه واقع در قریه قلهک پلاک ۴۲ مورد تقاضای آقای محمود.

۸۵۳۰ — ششدانگ یکباب خانه واقع در خیابان سیروس پلاک ۴۹۳۰ بخش ۷ مورد تقاضای بانو خدیجه فرزند آقای محمد تقی که حدود آن شمالاً بکوچه و جنوباً بخانه آقای نصرالله محدود است.

۸۵۳۱ — ششدانگ یک قطعه زمین واقع در قریه یوسف آباد پلاک ۶۵ مورد تقاضای آقای علی اصغر.

۸۵۳۲ - ۸۵۳۳ — ششدانگ دو باب خانه متصل بهم واقع در بخش ۲ تهران پلاک ۹۸۴ و ۹۸۵ مورد تقاضای آقای میرزا مهدی فرزند مرحوم میرزا کاظم که طبق ماده ۱۲ آگهی میشود.

۸۵۳۴ — ششدانگ یکباب دکان واقع در بازار پلاک ۲۷۶ مورد تقاضای آقای حسن.

۸۵۳۵ — ششدانگ یکباب خانه واقع در محله دولاب پلاک ۱۶۰۷ بخش ۱۳ مورد تقاضای آقای غلامحسین فرزند مرحوم محمد جعفر بتاریخ ۲ جوزا ۱۳۱۸ برای ثبت پذیرفته شده است.

۸۵۳۶ — دو دانگ مشاع از قنات واقع در قریه دزاشیب پلاک ۱۵ مورد تقاضای آقای یحیی.

۸۵۰۸ — ششدانگ یکباب خانه واقع در بخش ۲ تهران پلاک ۱۲۴۵ مورد تقاضای آقای محمد علی فرزند حسن که بتاریخ ۱۷ حمل ۱۳۱۸ برای ثبت پذیرفته شده و طبق ماده ۱۲ قانون ثبت آگهی میشود.

۸۵۰۹ — سه دانگ مشاع از ششدانگ یک قطعه باغ واقع در قریه ونک پلاک ۸۴ بخش ۱۱ مورد تقاضای آقای حسین فرزند علی اکبر.

۸۵۱۰ — ششدانگ یکباب دکان واقع در خیابان ناصریه پلاک ۳۲۱۷ بخش ۶ تهران مورد تقاضای بانو فاطمه فرزند مرحوم میرزا احمد که حدود آن شمالاً بملک آقای رضا و جنوباً بخیابان و شرقاً بدکان مجاور و غرباً بکوچه محدود است.

۸۵۱۱ — تمامت ششدانگ یک قطعه زمین مزروعی واقع در قریه کن پلاک ۵۶ مورد تقاضای آقای عباس.

۸۵۱۲ — ششدانگ یکباب خانه واقع در محله سنگلج کوچه حمام پلاک ۱۹۰۸ بخش ۴ مورد تقاضای آقای میرزا ابوالقاسم فرزند محمد حسن بتاریخ ۲۲ حمل ۱۳۱۸ و اشخاصی که نسبت بملک مزبور اعتراض دارند از تاریخ انتشار تا نود روز بدایره ثبت مراجعه نمایند.

۸۵۱۳ — دو دانگ از ششدانگ قنات و مزرعه واقع در بلوک شمیران پلاک ۲۷ مورد تقاضای آقای علی.

۸۵۱۴ — ششدانگ یکباب گرمابه واقع در بخش ۷ تهران پلاک ۴۵۶۰ مورد تقاضای آقای حاجی محمد رحیم فرزند مرحوم حاجی علی که طبق ماده ۱۱ و ۱۲ قانون ثبت آگهی میشود و هر گاه کسی نسبت بآن اعتراضی داشته باشد ظرف مدت قانونی اعتراض خود را کتباً بدایره ثبت تسلیم نماید.

۸۵۱۵ — ششدانگ یک قطعه زمین واقع در خارج دروازه دولت پلاک ۷۷۲ مورد تقاضای آقای احمد.

۸۵۱۶ — یکدانگ مشاع از ششدانگ یکباب کاروانسرا واقع در بازار پلاک ۳۸۱ بخش ۵ مورد تقاضای آقای میرزا حسن خان فرزند مرحوم میرزا محمود که حدود آن در پرونده ثبت قید شده است.

۸۵۱۷ - ۸۵۱۸ - ۸۵۱۹ — ششدانگ سه باب دکاکین متصل بهم واقع در خیابان لاله زار پلاک ۲۱۴۰ و ۲۱۴۱ و ۲۱۴۲ مورد تقاضای آقای محمد باقر.

۸۵۲۰ — ششدانگ یکباب خانه واقع در خیابان امیریه کوچه باغ پلاک ۶۰۳۵ بخش ۹ تهران مورد تقاضای بانو زهرا فرزند آقای عبدالله بتاریخ ۱۰ ثور ۱۳۱۸ برای ثبت پذیرفته شده است.

۸۵۲۱ — سهام مشاع از ششدانگ قریه اوین پلاک ۱۰۳ مورد تقاضای آقای سید جلال.

۸۵۲۲ — ششدانگ یک قطعه باغ و عمارت واقع در قریه تجریش پلاک ۱۱۸ بخش ۱۱ مورد تقاضای آقای حاجی میرزا علی اکبر فرزند مرحوم حاجی میرزا محمد که شمالاً بنهر و جنوباً بجاده عمومی و شرقاً بباغ آقای حسین و غرباً بملک موقوفه محدود است.

۸۵۲۳ — ششدانگ یکباب دکان نانوائی واقع در محله چاله میدان پلاک ۲۵۸۹ مورد تقاضای آقای رضا.

۸۵۲۴ — چهار دانگ از ششدانگ یکباب خانه واقع در بخش ۳ تهران پلاک ۱۴۷۲ مورد تقاضای آقای میرزا عبدالحسین فرزند مرحوم میرزا حسین که بتاریخ ۵ ثور ۱۳۱۸ تقاضای ثبت نموده است.

۸۵۲۵ — ششدانگ یک قطعه زمین واقع در خیابان شاهپور پلاک ۸۹۰۲ مورد تقاضای آقای اسمعیل.

۸۵۲۶ — ششدانگ یکباب خانه و حیاط واقع در محله عودلاجان کوچه مسجد پلاک ۵۱۲ بخش ۸ مورد تقاضای آقای حاجی حسن فرزند مرحوم حاجی ابراهیم که طبق ماده ۱۲ قانون ثبت املاک آگهی میشود و معترضین میتوانند ظرف نود روز اعتراض خود را بدایره ثبت تسلیم نمایند.

۸۵۲۷ — ششدانگ یکباب انبار واقع در خیابان ری پلاک ۳۶۴۱ مورد تقاضای آقای کاظم فرزند جعفر.

۸۵۲۸ — ششدانگ یکباب خانه واقع در بخش ۱۰ تهران پلاک ۷۰۱۸ مورد تقاضای آقای سرتیپ محمد خان فرزند مرحوم حسینقلی خان بتاریخ ۱۸ ثور ۱۳۱۸ برای ثبت پذیرفته شده است.

۸۵۲۹ — سه دانگ از ششدانگ مزرعه واقع در قریه قلهک پلاک ۴۲ مورد تقاضای آقای محمود.

۸۵۳۰ — ششدانگ یکباب خانه واقع در خیابان سیروس پلاک ۴۹۳۰ بخش ۷ مورد تقاضای بانو خدیجه فرزند آقای محمد تقی که حدود آن شمالاً بکوچه و جنوباً بخانه آقای نصرالله محدود است.

۸۵۳۱ — ششدانگ یک قطعه زمین واقع در قریه یوسف آباد پلاک ۶۵ مورد تقاضای آقای علی اصغر.

۸۵۳۲ - ۸۵۳۳ — ششدانگ دو باب خانه متصل بهم واقع در بخش ۲ تهران پلاک ۹۸۴ و ۹۸۵ مورد تقاضای آقای میرزا مهدی فرزند مرحوم میرزا کاظم که طبق ماده ۱۲ آگهی میشود.

۸۵۳۴ — ششدانگ یکباب دکان واقع در بازار پلاک ۲۷۶ مورد تقاضای آقای حسن.

۸۵۳۵ — ششدانگ یکباب خانه واقع در محله دولاب پلاک ۱۶۰۷ بخش ۱۳ مورد تقاضای آقای غلامحسین فرزند مرحوم محمد جعفر بتاریخ ۲ جوزا ۱۳۱۸ برای ثبت پذیرفته شده است.

۸۵۳۶ — دو دانگ مشاع از قنات واقع در قریه دزاشیب پلاک ۱۵ مورد تقاضای آقای یحیی.

۸۵۰۸ — ششدانگ یکباب خانه واقع در بخش ۲ تهران پلاک ۱۲۴۵ مورد تقاضای آقای محمد علی فرزند حسن که بتاریخ ۱۷ حمل ۱۳۱۸ برای ثبت پذیرفته شده و طبق ماده ۱۲ قانون ثبت آگهی میشود.

۸۵۰۹ — سه دانگ مشاع از ششدانگ یک قطعه باغ واقع در قریه ونک پلاک ۸۴ بخش ۱۱ مورد تقاضای آقای حسین فرزند علی اکبر.

۸۵۱۰ — ششدانگ یکباب دکان واقع در خیابان ناصریه پلاک ۳۲۱۷ بخش ۶ تهران مورد تقاضای بانو فاطمه فرزند مرحوم میرزا احمد که حدود آن شمالاً بملک آقای رضا و جنوباً بخیابان و شرقاً بدکان مجاور و غرباً بکوچه محدود است.

۸۵۱۱ — تمامت ششدانگ یک قطعه زمین مزروعی واقع در قریه کن پلاک ۵۶ مورد تقاضای آقای عباس.

۸۵۱۲ — ششدانگ یکباب خانه واقع در محله سنگلج کوچه حمام پلاک ۱۹۰۸ بخش ۴ مورد تقاضای آقای میرزا ابوالقاسم فرزند محمد حسن بتاریخ ۲۲ حمل ۱۳۱۸ و اشخاصی که نسبت بملک مزبور اعتراض دارند از تاریخ انتشار تا نود روز بدایره ثبت مراجعه نمایند.

۸۵۱۳ — دو دانگ از ششدانگ قنات و مزرعه واقع در بلوک شمیران پلاک ۲۷ مورد تقاضای آقای علی.

۸۵۱۴ — ششدانگ یکباب گرمابه واقع در بخش ۷ تهران پلاک ۴۵۶۰ مورد تقاضای آقای حاجی محمد رحیم فرزند مرحوم حاجی علی که طبق ماده ۱۱ و ۱۲ قانون ثبت آگهی میشود و هر گاه کسی نسبت بآن اعتراضی داشته باشد ظرف مدت قانونی اعتراض خود را کتباً بدایره ثبت تسلیم نماید.

۸۵۱۵ — ششدانگ یک قطعه زمین واقع در خارج دروازه دولت پلاک ۷۷۲ مورد تقاضای آقای احمد.

۸۵۱۶ — یکدانگ مشاع از ششدانگ یکباب کاروانسرا واقع در بازار پلاک ۳۸۱ بخش ۵ مورد تقاضای آقای میرزا حسن خان فرزند مرحوم میرزا محمود که حدود آن در پرونده ثبت قید شده است.

۸۵۱۷ - ۸۵۱۸ - ۸۵۱۹ — ششدانگ سه باب دکاکین متصل بهم واقع در خیابان لاله زار پلاک ۲۱۴۰ و ۲۱۴۱ و ۲۱۴۲ مورد تقاضای آقای محمد باقر.

۸۵۲۰ — ششدانگ یکباب خانه واقع در خیابان امیریه کوچه باغ پلاک ۶۰۳۵ بخش ۹ تهران مورد تقاضای بانو زهرا فرزند آقای عبدالله بتاریخ ۱۰ ثور ۱۳۱۸ برای ثبت پذیرفته شده است.

۸۵۲۱ — سهام مشاع از ششدانگ قریه اوین پلاک ۱۰۳ مورد تقاضای آقای سید جلال.

۸۵۲۲ — ششدانگ یک قطعه باغ و عمارت واقع در قریه تجریش پلاک ۱۱۸ بخش ۱۱ مورد تقاضای آقای حاجی میرزا علی اکبر فرزند مرحوم حاجی میرزا محمد که شمالاً بنهر و جنوباً بجاده عمومی و شرقاً بباغ آقای حسین و غرباً بملک موقوفه محدود است.

۸۵۲۳ — ششدانگ یکباب دکان نانوائی واقع در محله چاله میدان پلاک ۲۵۸۹ مورد تقاضای آقای رضا.

۸۵۲۴ — چهار دانگ از ششدانگ یکباب خانه واقع در بخش ۳ تهران پلاک ۱۴۷۲ مورد تقاضای آقای میرزا عبدالحسین فرزند مرحوم میرزا حسین که بتاریخ ۵ ثور ۱۳۱۸ تقاضای ثبت نموده است.

۸۵۲۵ — ششدانگ یک قطعه زمین واقع در خیابان شاهپور پلاک ۸۹۰۲ مورد تقاضای آقای اسمعیل.

۸۵۲۶ — ششدانگ یکباب خانه و حیاط واقع در محله عودلاجان کوچه مسجد پلاک ۵۱۲ بخش ۸ مورد تقاضای آقای حاجی حسن فرزند مرحوم حاجی ابراهیم که طبق ماده ۱۲ قانون ثبت املاک آگهی میشود و معترضین میتوانند ظرف نود روز اعتراض خود را بدایره ثبت تسلیم نمایند.

۸۵۲۷ — ششدانگ یکباب انبار واقع در خیابان ری پلاک ۳۶۴۱ مورد تقاضای آقای کاظم فرزند جعفر.

۸۵۲۸ — ششدانگ یکباب خانه واقع در بخش ۱۰ تهران پلاک ۷۰۱۸ مورد تقاضای آقای سرتیپ محمد خان فرزند مرحوم حسینقلی خان بتاریخ ۱۸ ثور ۱۳۱۸ برای ثبت پذیرفته شده است.

۸۵۲۹ — سه دانگ از ششدانگ مزرعه واقع در قریه قلهک پلاک ۴۲ مورد تقاضای آقای محمود.

۸۵۳۰ — ششدانگ یکباب خانه واقع در خیابان سیروس پلاک ۴۹۳۰ بخش ۷ مورد تقاضای بانو خدیجه فرزند آقای محمد تقی که حدود آن شمالاً بکوچه و جنوباً بخانه آقای نصرالله محدود است.

۸۵۳۱ — ششدانگ یک قطعه زمین واقع در قریه یوسف آباد پلاک ۶۵ مورد تقاضای آقای علی اصغر.
